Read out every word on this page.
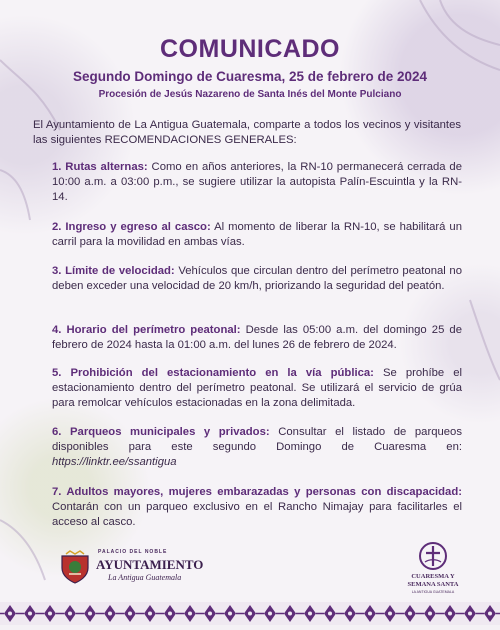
COMUNICADO
Segundo Domingo de Cuaresma, 25 de febrero de 2024
Procesión de Jesús Nazareno de Santa Inés del Monte Pulciano
El Ayuntamiento de La Antigua Guatemala, comparte a todos los vecinos y visitantes las siguientes RECOMENDACIONES GENERALES:
1. Rutas alternas: Como en años anteriores, la RN-10 permanecerá cerrada de 10:00 a.m. a 03:00 p.m., se sugiere utilizar la autopista Palín-Escuintla y la RN-14.
2. Ingreso y egreso al casco: Al momento de liberar la RN-10, se habilitará un carril para la movilidad en ambas vías.
3. Límite de velocidad: Vehículos que circulan dentro del perímetro peatonal no deben exceder una velocidad de 20 km/h, priorizando la seguridad del peatón.
4. Horario del perímetro peatonal: Desde las 05:00 a.m. del domingo 25 de febrero de 2024 hasta la 01:00 a.m. del lunes 26 de febrero de 2024.
5. Prohibición del estacionamiento en la vía pública: Se prohíbe el estacionamiento dentro del perímetro peatonal. Se utilizará el servicio de grúa para remolcar vehículos estacionadas en la zona delimitada.
6. Parqueos municipales y privados: Consultar el listado de parqueos disponibles para este segundo Domingo de Cuaresma en: https://linktr.ee/ssantigua
7. Adultos mayores, mujeres embarazadas y personas con discapacidad: Contarán con un parqueo exclusivo en el Rancho Nimajay para facilitarles el acceso al casco.
PALACIO DEL NOBLE
AYUNTAMIENTO
La Antigua Guatemala	CUARESMA Y
SEMANA SANTA
LA ANTIGUA GUATEMALA
